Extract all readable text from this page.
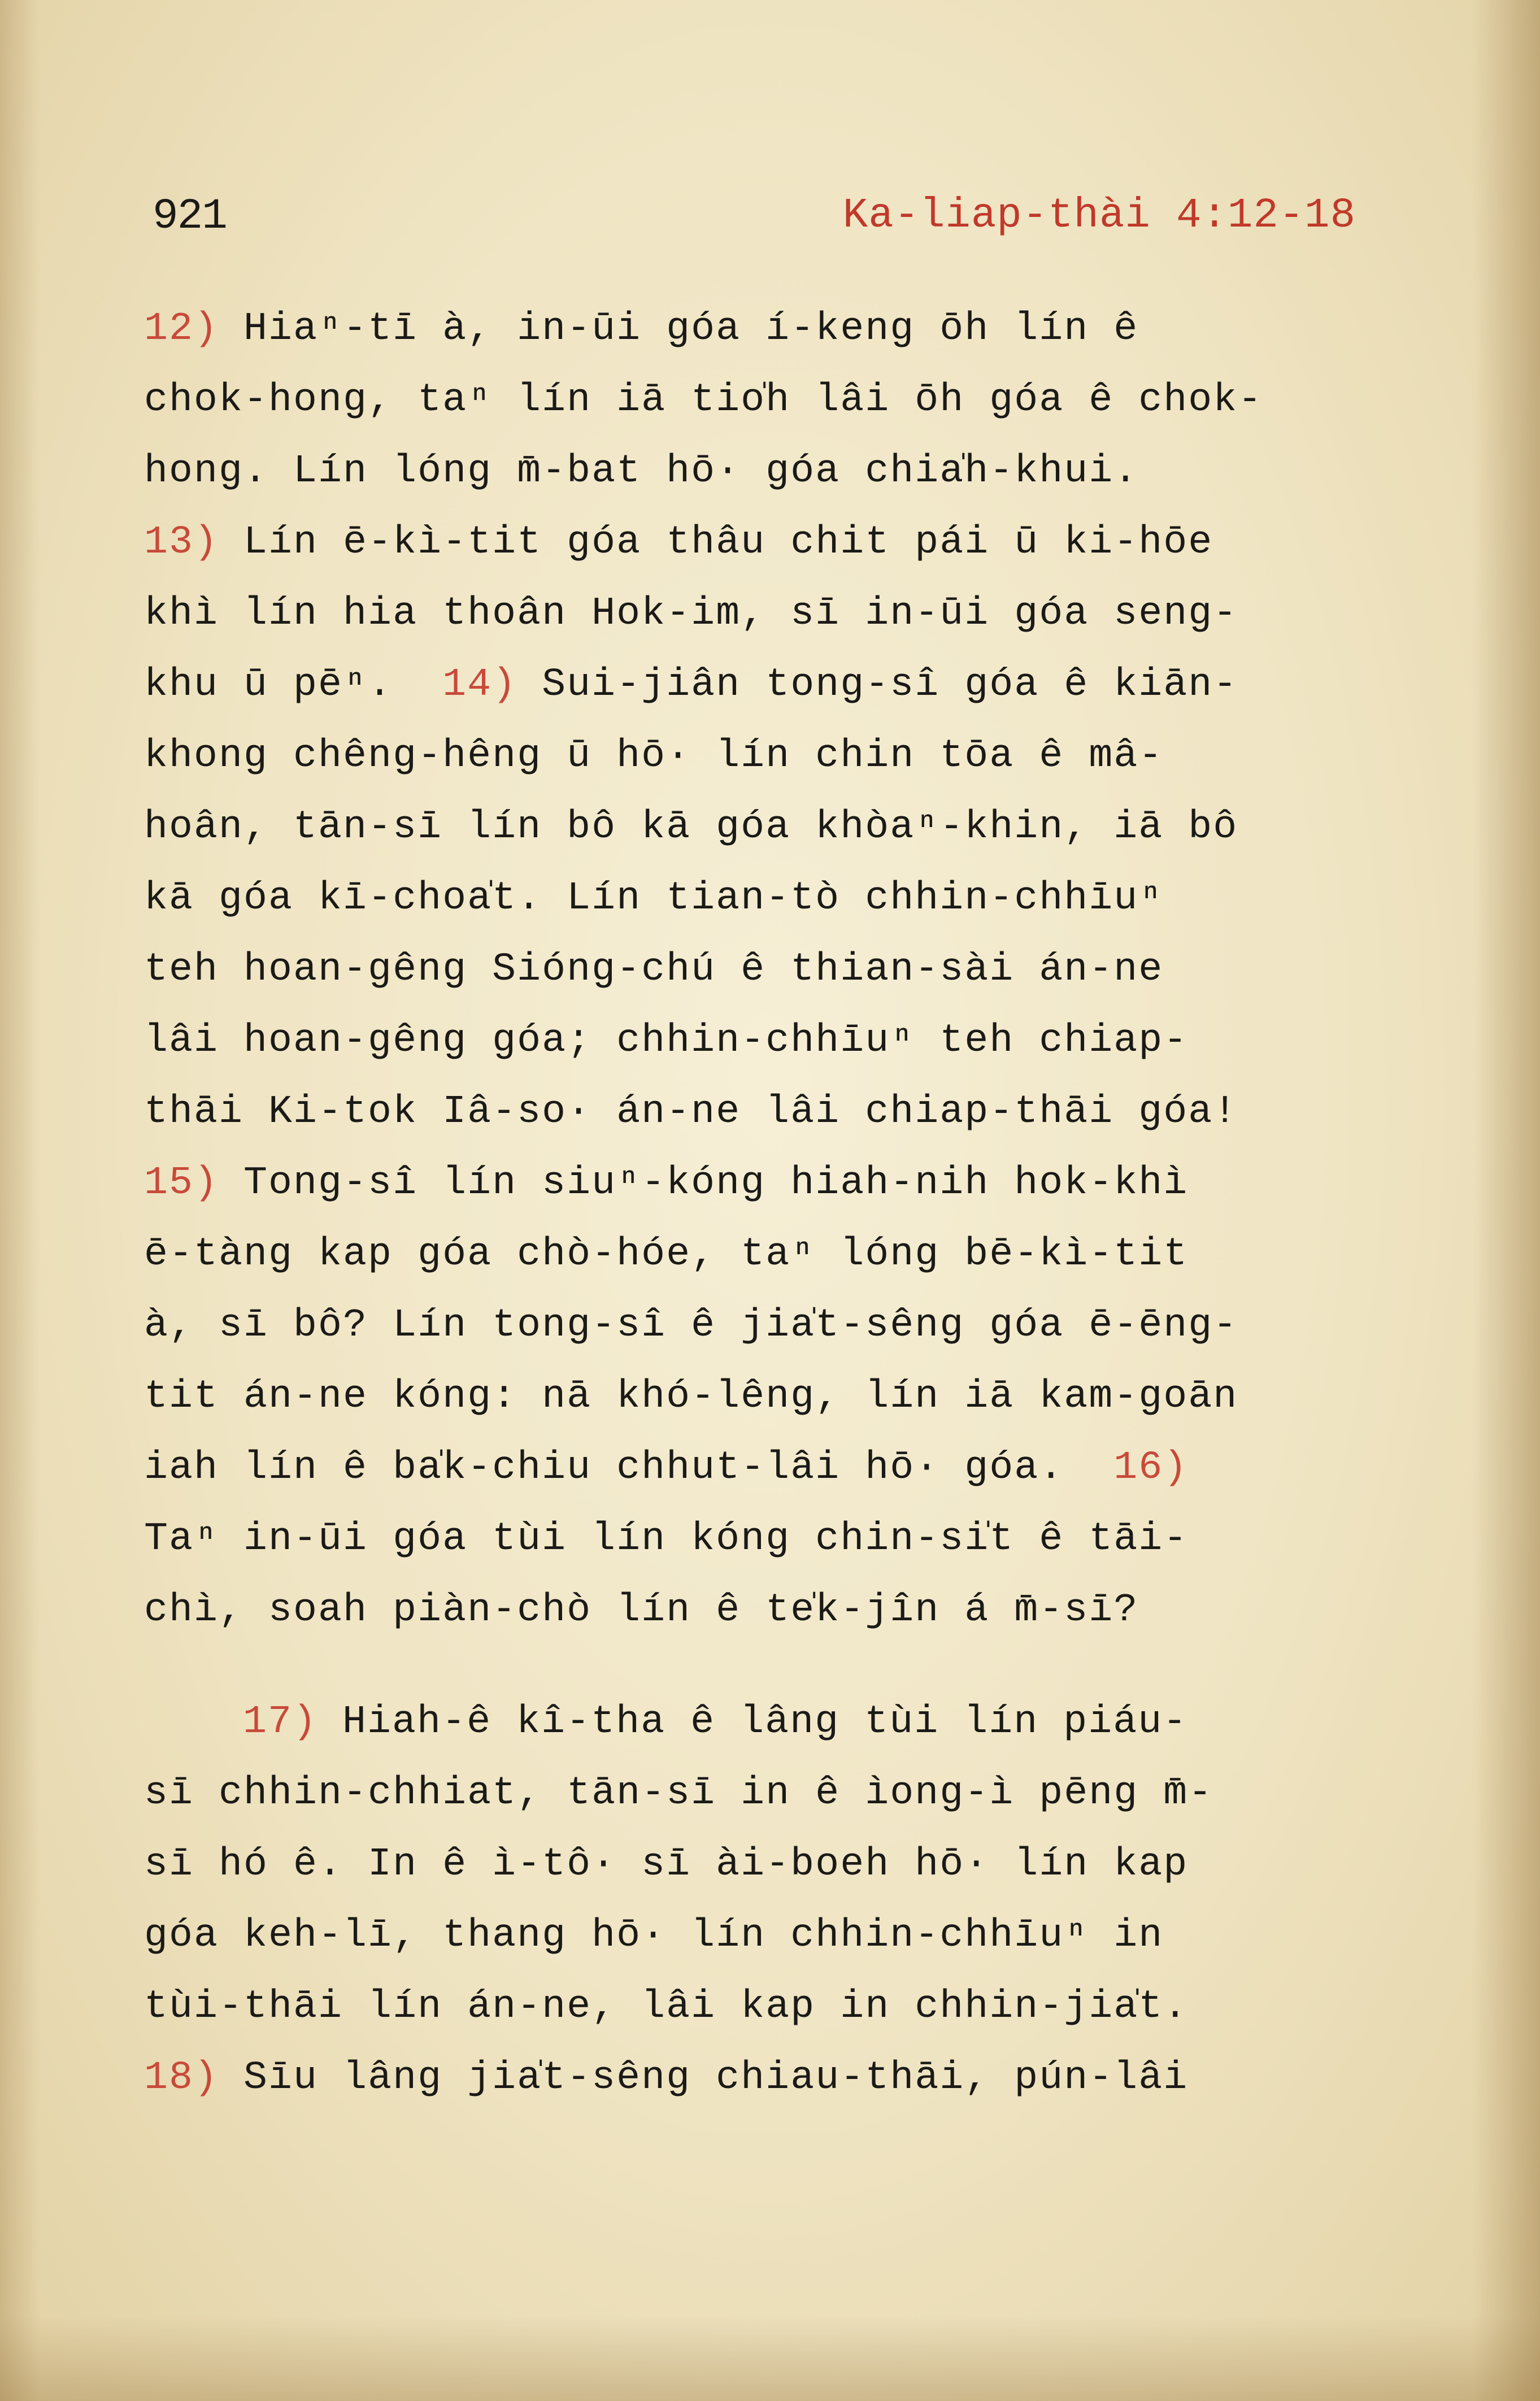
921	Ka-liap-thài 4:12-18
12) Hiaⁿ-tī à, in-ūi góa í-keng ōh lín ê
chok-hong, taⁿ lín iā tio̍h lâi ōh góa ê chok-
hong. Lín lóng m̄-bat hō· góa chia̍h-khui.
13) Lín ē-kì-tit góa thâu chit pái ū ki-hōe
khì lín hia thoân Hok-im, sī in-ūi góa seng-
khu ū pēⁿ. 14) Sui-jiân tong-sî góa ê kiān-
khong chêng-hêng ū hō· lín chin tōa ê mâ-
hoân, tān-sī lín bô kā góa khòaⁿ-khin, iā bô
kā góa kī-choa̍t. Lín tian-tò chhin-chhīuⁿ
teh hoan-gêng Sióng-chú ê thian-sài án-ne
lâi hoan-gêng góa; chhin-chhīuⁿ teh chiap-
thāi Ki-tok Iâ-so· án-ne lâi chiap-thāi góa!
15) Tong-sî lín siuⁿ-kóng hiah-nih hok-khì
ē-tàng kap góa chò-hóe, taⁿ lóng bē-kì-tit
à, sī bô? Lín tong-sî ê jia̍t-sêng góa ē-ēng-
tit án-ne kóng: nā khó-lêng, lín iā kam-goān
iah lín ê ba̍k-chiu chhut-lâi hō· góa. 16)
Taⁿ in-ūi góa tùi lín kóng chin-si̍t ê tāi-
chì, soah piàn-chò lín ê te̍k-jîn á m̄-sī?
17) Hiah-ê kî-tha ê lâng tùi lín piáu-
sī chhin-chhiat, tān-sī in ê ìong-ì pēng m̄-
sī hó ê. In ê ì-tô· sī ài-boeh hō· lín kap
góa keh-lī, thang hō· lín chhin-chhīuⁿ in
tùi-thāi lín án-ne, lâi kap in chhin-jia̍t.
18) Sīu lâng jia̍t-sêng chiau-thāi, pún-lâi
